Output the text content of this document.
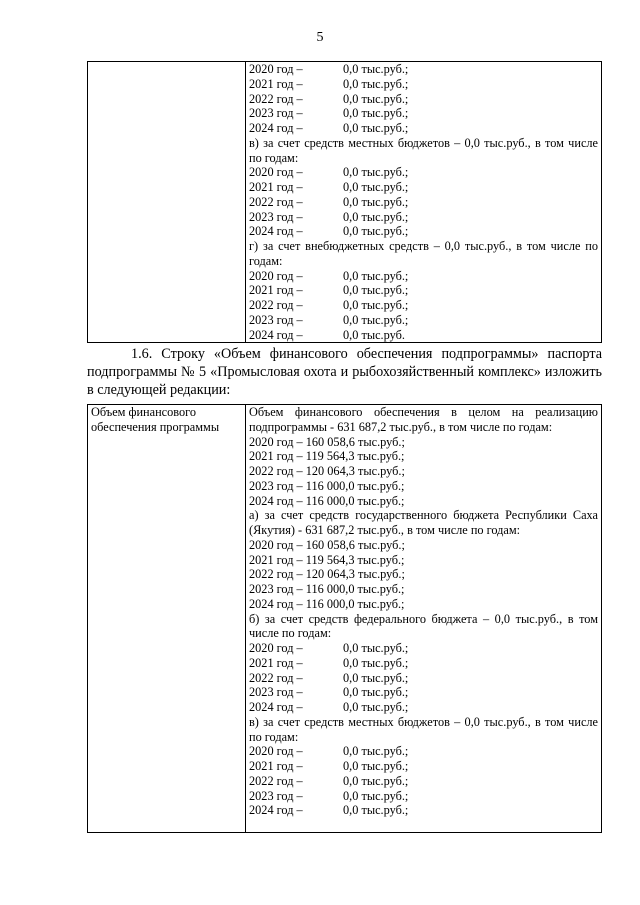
5

2020 год –	0,0 тыс.руб.;
2021 год –	0,0 тыс.руб.;
2022 год –	0,0 тыс.руб.;
2023 год –	0,0 тыс.руб.;
2024 год –	0,0 тыс.руб.;
в) за счет средств местных бюджетов – 0,0 тыс.руб., в том числе по годам:
2020 год –	0,0 тыс.руб.;
2021 год –	0,0 тыс.руб.;
2022 год –	0,0 тыс.руб.;
2023 год –	0,0 тыс.руб.;
2024 год –	0,0 тыс.руб.;
г) за счет внебюджетных средств – 0,0 тыс.руб., в том числе по годам:
2020 год –	0,0 тыс.руб.;
2021 год –	0,0 тыс.руб.;
2022 год –	0,0 тыс.руб.;
2023 год –	0,0 тыс.руб.;
2024 год –	0,0 тыс.руб.
1.6. Строку «Объем финансового обеспечения подпрограммы» паспорта подпрограммы № 5 «Промысловая охота и рыбохозяйственный комплекс» изложить в следующей редакции:
Объем финансового обеспечения программы

Объем финансового обеспечения в целом на реализацию подпрограммы - 631 687,2 тыс.руб., в том числе по годам:
2020 год – 160 058,6 тыс.руб.;
2021 год – 119 564,3 тыс.руб.;
2022 год – 120 064,3 тыс.руб.;
2023 год – 116 000,0 тыс.руб.;
2024 год – 116 000,0 тыс.руб.;
а) за счет средств государственного бюджета Республики Саха (Якутия) - 631 687,2 тыс.руб., в том числе по годам:
2020 год – 160 058,6 тыс.руб.;
2021 год – 119 564,3 тыс.руб.;
2022 год – 120 064,3 тыс.руб.;
2023 год – 116 000,0 тыс.руб.;
2024 год – 116 000,0 тыс.руб.;
б) за счет средств федерального бюджета – 0,0 тыс.руб., в том числе по годам:
2020 год –	0,0 тыс.руб.;
2021 год –	0,0 тыс.руб.;
2022 год –	0,0 тыс.руб.;
2023 год –	0,0 тыс.руб.;
2024 год –	0,0 тыс.руб.;
в) за счет средств местных бюджетов – 0,0 тыс.руб., в том числе по годам:
2020 год –	0,0 тыс.руб.;
2021 год –	0,0 тыс.руб.;
2022 год –	0,0 тыс.руб.;
2023 год –	0,0 тыс.руб.;
2024 год –	0,0 тыс.руб.;
